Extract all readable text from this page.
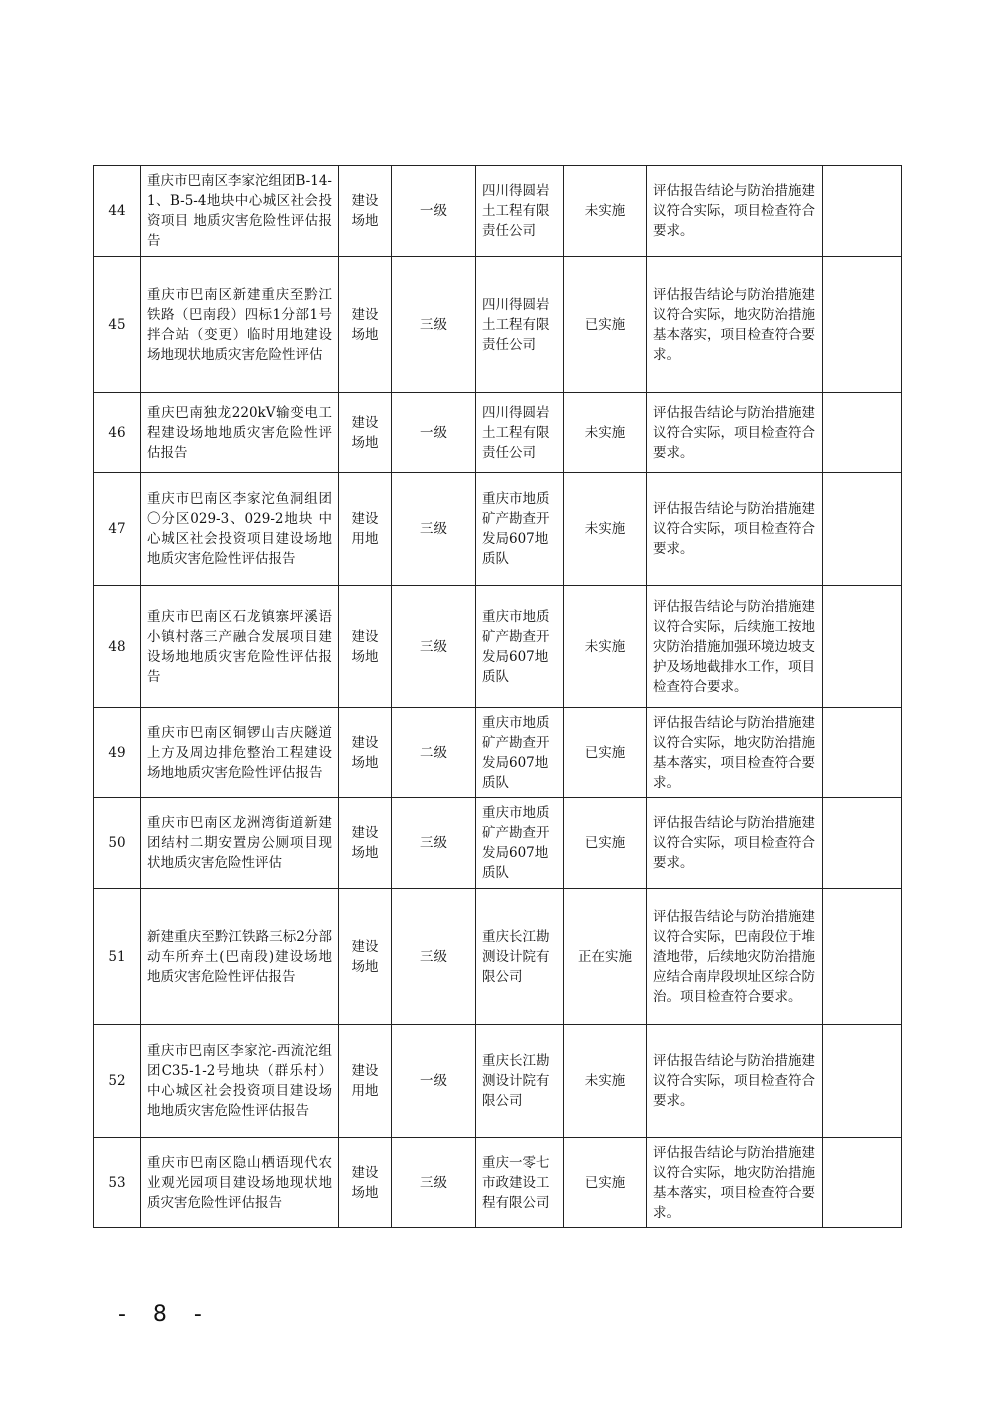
44	重庆市巴南区李家沱组团B-14-1、B-5-4地块中心城区社会投资项目 地质灾害危险性评估报告	建设场地	一级	四川得圆岩土工程有限责任公司	未实施	评估报告结论与防治措施建议符合实际，项目检查符合要求。	
45	重庆市巴南区新建重庆至黔江铁路（巴南段）四标1分部1号拌合站（变更）临时用地建设场地现状地质灾害危险性评估	建设场地	三级	四川得圆岩土工程有限责任公司	已实施	评估报告结论与防治措施建议符合实际，地灾防治措施基本落实，项目检查符合要求。	
46	重庆巴南独龙220kV输变电工程建设场地地质灾害危险性评估报告	建设场地	一级	四川得圆岩土工程有限责任公司	未实施	评估报告结论与防治措施建议符合实际，项目检查符合要求。	
47	重庆市巴南区李家沱鱼洞组团〇分区029-3、029-2地块 中心城区社会投资项目建设场地地质灾害危险性评估报告	建设用地	三级	重庆市地质矿产勘查开发局607地质队	未实施	评估报告结论与防治措施建议符合实际，项目检查符合要求。	
48	重庆市巴南区石龙镇寨坪溪语小镇村落三产融合发展项目建设场地地质灾害危险性评估报告	建设场地	三级	重庆市地质矿产勘查开发局607地质队	未实施	评估报告结论与防治措施建议符合实际，后续施工按地灾防治措施加强环境边坡支护及场地截排水工作，项目检查符合要求。	
49	重庆市巴南区铜锣山吉庆隧道上方及周边排危整治工程建设场地地质灾害危险性评估报告	建设场地	二级	重庆市地质矿产勘查开发局607地质队	已实施	评估报告结论与防治措施建议符合实际，地灾防治措施基本落实，项目检查符合要求。	
50	重庆市巴南区龙洲湾街道新建团结村二期安置房公厕项目现状地质灾害危险性评估	建设场地	三级	重庆市地质矿产勘查开发局607地质队	已实施	评估报告结论与防治措施建议符合实际，项目检查符合要求。	
51	新建重庆至黔江铁路三标2分部动车所弃土(巴南段)建设场地地质灾害危险性评估报告	建设场地	三级	重庆长江勘测设计院有限公司	正在实施	评估报告结论与防治措施建议符合实际，巴南段位于堆渣地带，后续地灾防治措施应结合南岸段坝址区综合防治。项目检查符合要求。	
52	重庆市巴南区李家沱-西流沱组团C35-1-2号地块（群乐村）中心城区社会投资项目建设场地地质灾害危险性评估报告	建设用地	一级	重庆长江勘测设计院有限公司	未实施	评估报告结论与防治措施建议符合实际，项目检查符合要求。	
53	重庆市巴南区隐山栖语现代农业观光园项目建设场地现状地质灾害危险性评估报告	建设场地	三级	重庆一零七市政建设工程有限公司	已实施	评估报告结论与防治措施建议符合实际，地灾防治措施基本落实，项目检查符合要求。	
- 8 -
